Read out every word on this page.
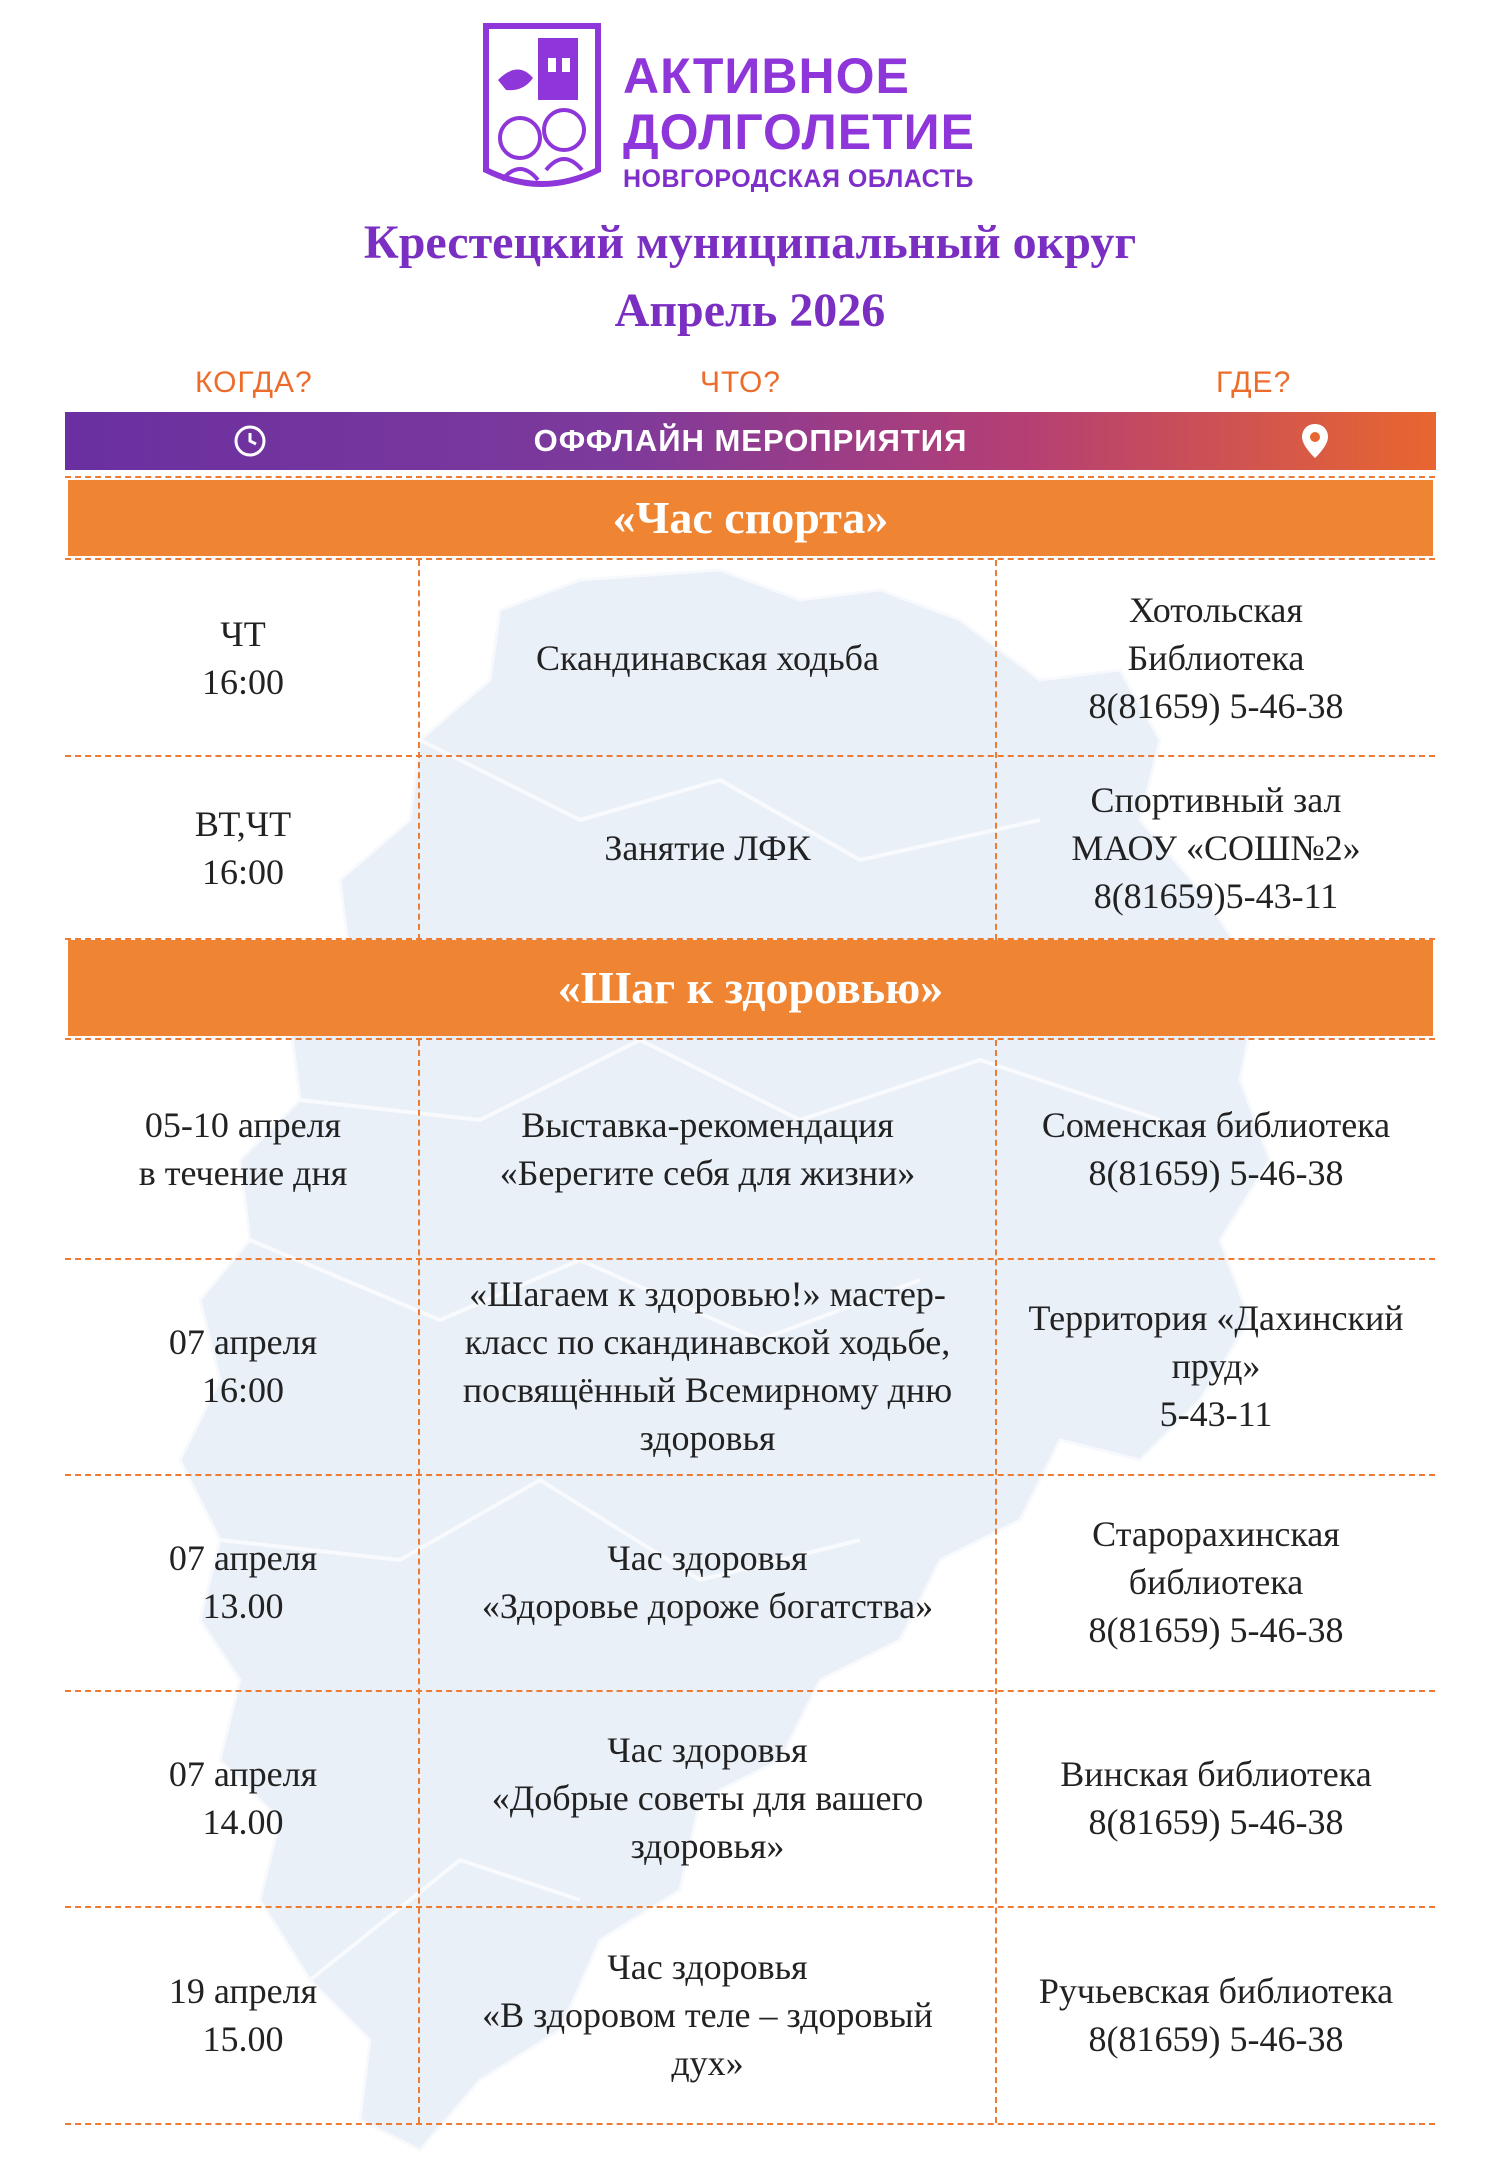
АКТИВНОЕ
ДОЛГОЛЕТИЕ
НОВГОРОДСКАЯ ОБЛАСТЬ
Крестецкий муниципальный округ
Апрель 2026
КОГДА?	ЧТО?	ГДЕ?
ОФФЛАЙН МЕРОПРИЯТИЯ
«Час спорта»
«Шаг к здоровью»
ЧТ
16:00
Скандинавская ходьба
Хотольская
Библиотека
8(81659) 5-46-38
ВТ,ЧТ
16:00
Занятие ЛФК
Спортивный зал
МАОУ «СОШ№2»
8(81659)5-43-11
05-10 апреля
в течение дня
Выставка-рекомендация
«Берегите себя для жизни»
Соменская библиотека
8(81659) 5-46-38
07 апреля
16:00
«Шагаем к здоровью!» мастер-
класс по скандинавской ходьбе,
посвящённый Всемирному дню
здоровья
Территория «Дахинский
пруд»
5-43-11
07 апреля
13.00
Час здоровья
«Здоровье дороже богатства»
Старорахинская
библиотека
8(81659) 5-46-38
07 апреля
14.00
Час здоровья
«Добрые советы для вашего
здоровья»
Винская библиотека
8(81659) 5-46-38
19 апреля
15.00
Час здоровья
«В здоровом теле – здоровый
дух»
Ручьевская библиотека
8(81659) 5-46-38
